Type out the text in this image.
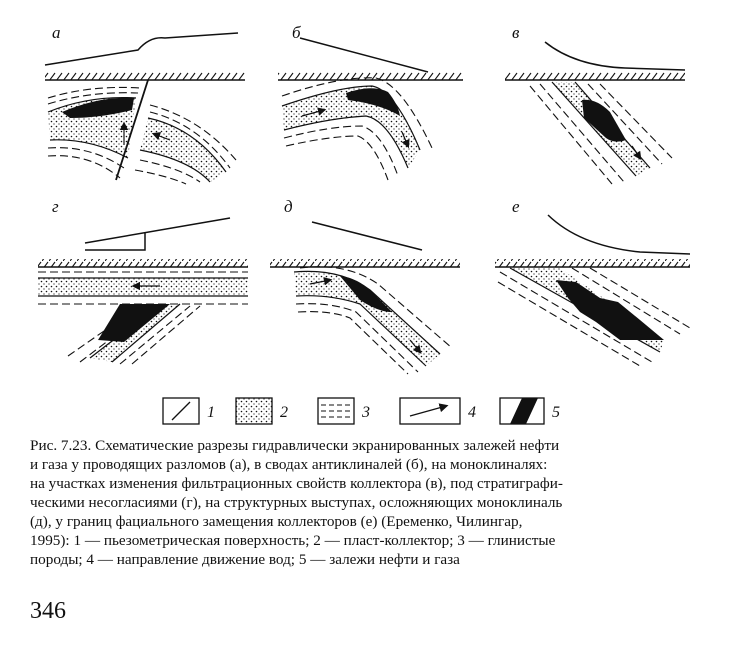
а	б	в
г	д	е
1	2	3	4	5

Рис. 7.23. Схематические разрезы гидравлически экранированных залежей нефти
и газа у проводящих разломов (а), в сводах антиклиналей (б), на моноклиналях:
на участках изменения фильтрационных свойств коллектора (в), под стратиграфи-
ческими несогласиями (г), на структурных выступах, осложняющих моноклиналь
(д), у границ фациального замещения коллекторов (е) (Еременко, Чилингар,
1995): 1 — пьезометрическая поверхность; 2 — пласт-коллектор; 3 — глинистые
породы; 4 — направление движение вод; 5 — залежи нефти и газа

346
